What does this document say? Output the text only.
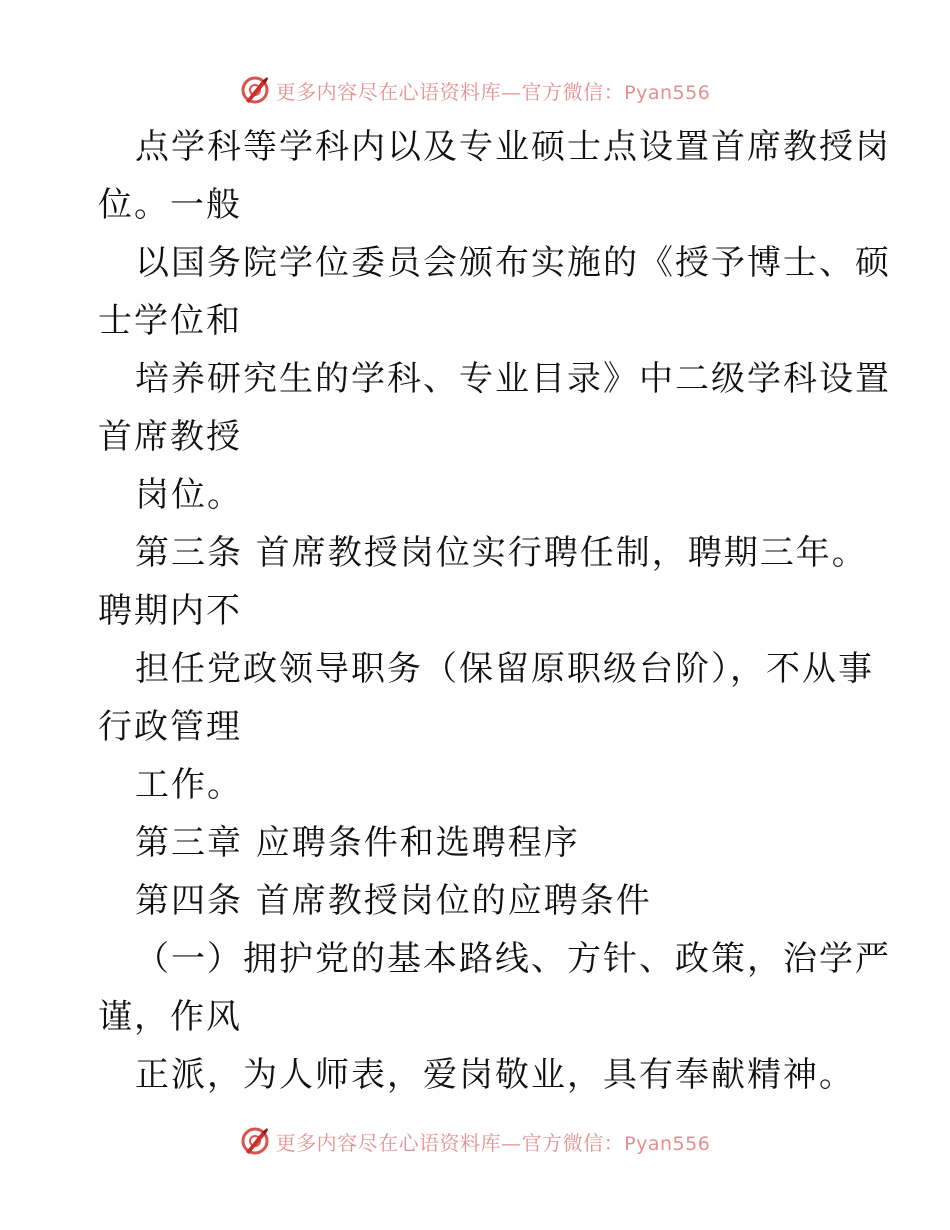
更多内容尽在心语资料库—官方微信：Pyan556
点学科等学科内以及专业硕士点设置首席教授岗
位。一般
以国务院学位委员会颁布实施的《授予博士、硕
士学位和
培养研究生的学科、专业目录》中二级学科设置
首席教授
岗位。
第三条 首席教授岗位实行聘任制，聘期三年。
聘期内不
担任党政领导职务（保留原职级台阶），不从事
行政管理
工作。
第三章 应聘条件和选聘程序
第四条 首席教授岗位的应聘条件
（一）拥护党的基本路线、方针、政策，治学严
谨，作风
正派，为人师表，爱岗敬业，具有奉献精神。
更多内容尽在心语资料库—官方微信：Pyan556
